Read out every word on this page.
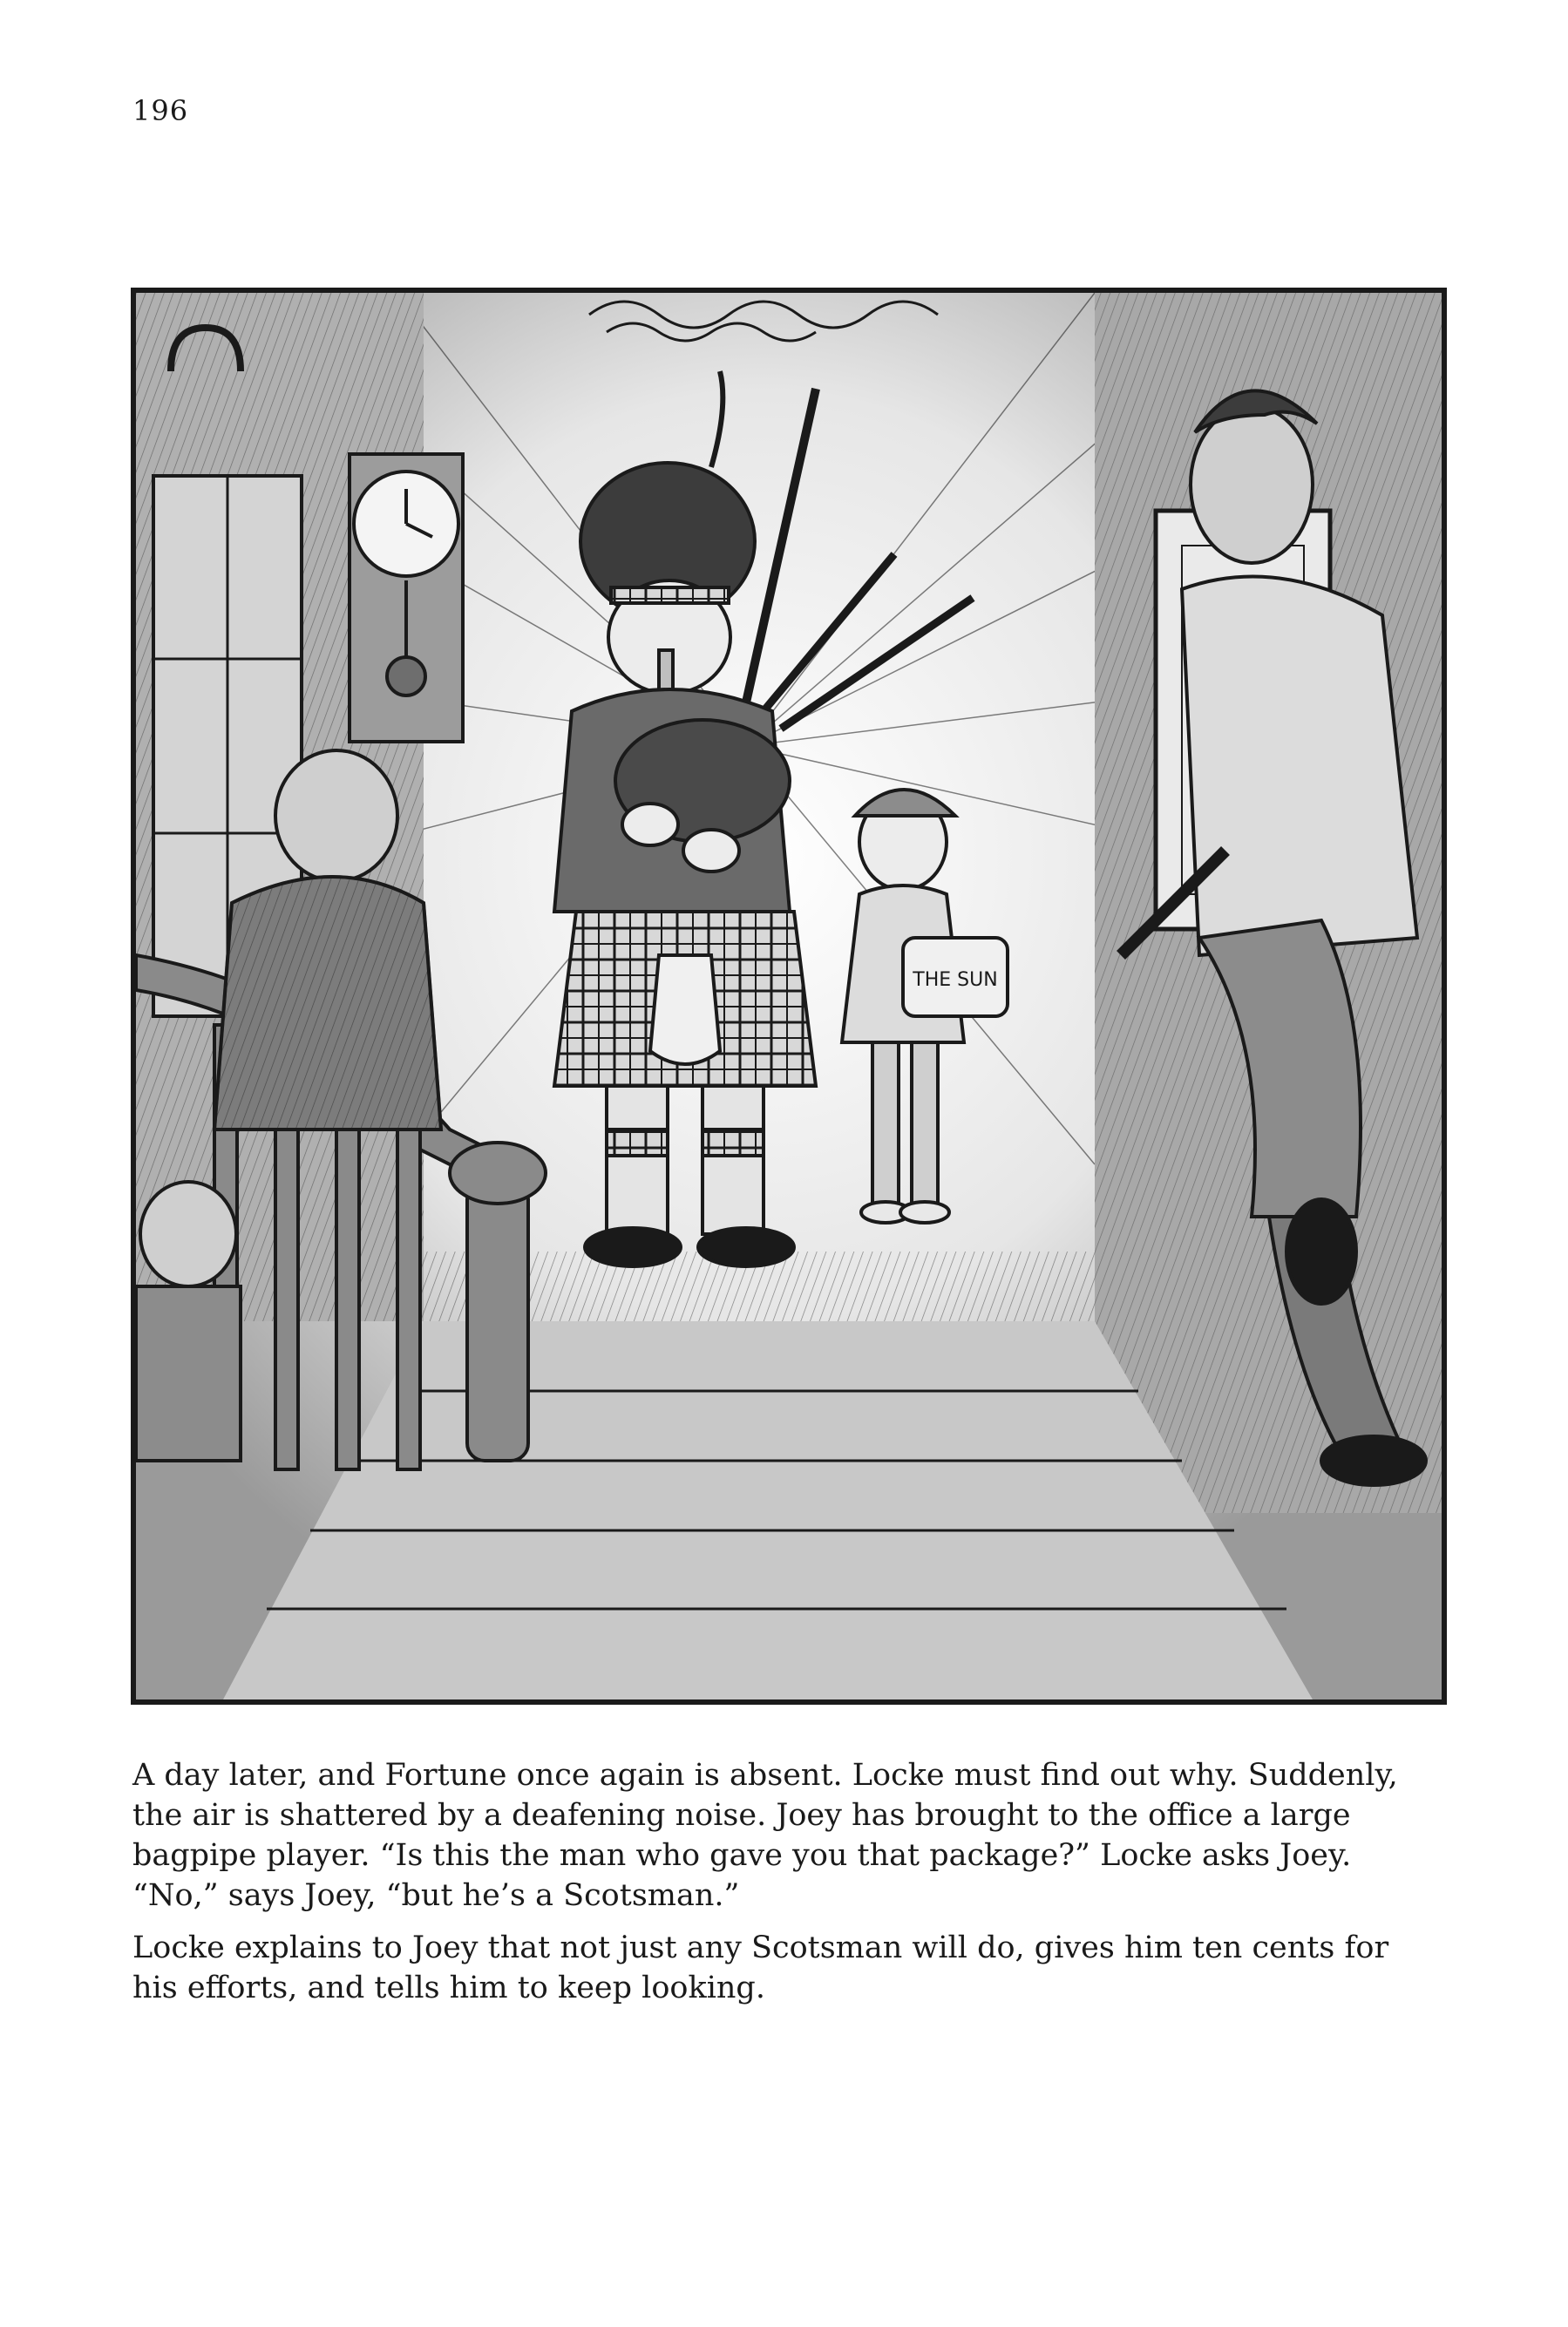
196
THE SUN

A day later, and Fortune once again is absent. Locke must find out why. Suddenly, the air is shattered by a deafening noise. Joey has brought to the office a large bagpipe player. “Is this the man who gave you that package?” Locke asks Joey. “No,” says Joey, “but he’s a Scotsman.”

Locke explains to Joey that not just any Scotsman will do, gives him ten cents for his efforts, and tells him to keep looking.
